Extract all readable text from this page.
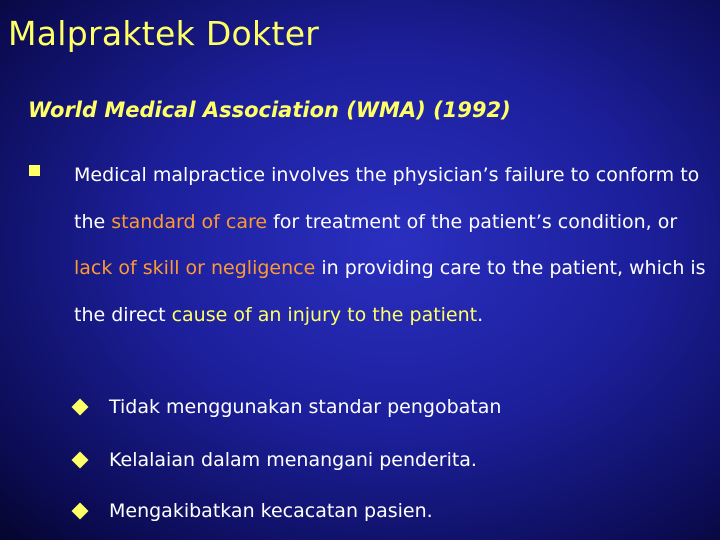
Malpraktek Dokter
World Medical Association (WMA) (1992)

Medical malpractice involves the physician’s failure to conform to the standard of care for treatment of the patient’s condition, or lack of skill or negligence in providing care to the patient, which is the direct cause of an injury to the patient.

Tidak menggunakan standar pengobatan
Kelalaian dalam menangani penderita.
Mengakibatkan kecacatan pasien.
